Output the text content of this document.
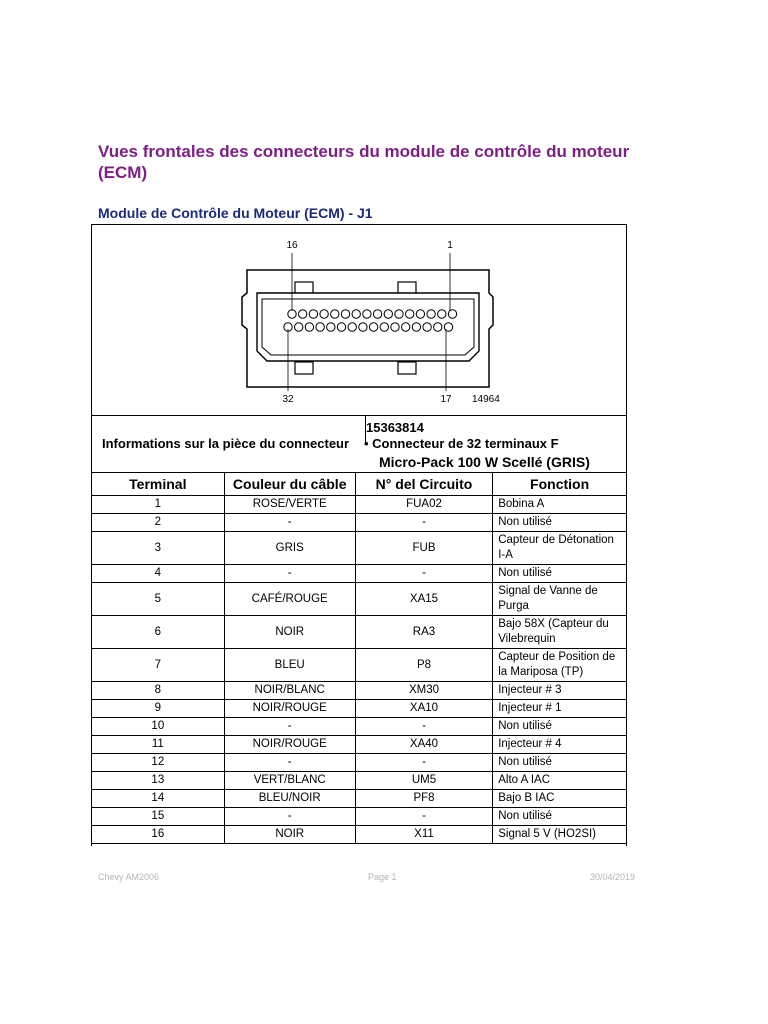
Vues frontales des connecteurs du module de contrôle du moteur (ECM)
Module de Contrôle du Moteur (ECM) - J1
16	1
32	17 14964
Informations sur la pièce du connecteur
15363814
• Connecteur de 32 terminaux F
Micro-Pack 100 W Scellé (GRIS)
Terminal	Couleur du câble	N° del Circuito	Fonction
1	ROSE/VERTE	FUA02	Bobina A
2	-	-	Non utilisé
3	GRIS	FUB	Capteur de Détonation I-A
4	-	-	Non utilisé
5	CAFÉ/ROUGE	XA15	Signal de Vanne de Purga
6	NOIR	RA3	Bajo 58X (Capteur du Vilebrequin
7	BLEU	P8	Capteur de Position de la Mariposa (TP)
8	NOIR/BLANC	XM30	Injecteur # 3
9	NOIR/ROUGE	XA10	Injecteur # 1
10	-	-	Non utilisé
11	NOIR/ROUGE	XA40	Injecteur # 4
12	-	-	Non utilisé
13	VERT/BLANC	UM5	Alto A IAC
14	BLEU/NOIR	PF8	Bajo B IAC
15	-	-	Non utilisé
16	NOIR	X11	Signal 5 V (HO2SI)
Chevy AM2006	Page 1	30/04/2019
